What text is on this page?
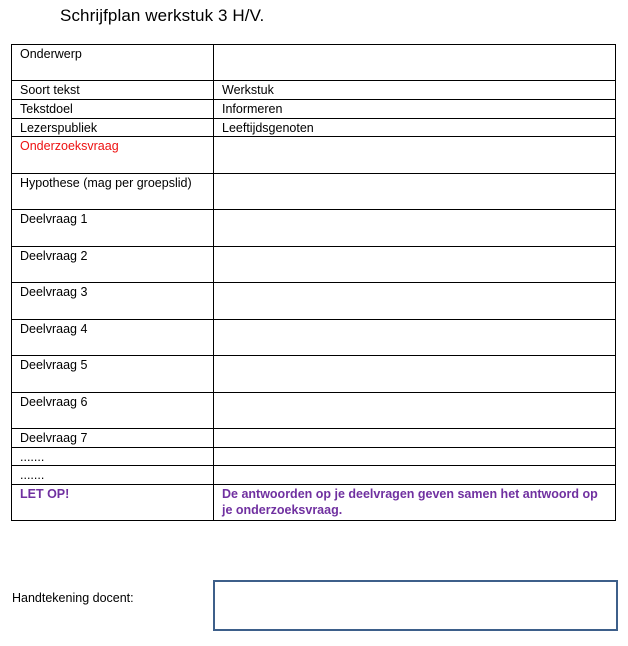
Schrijfplan werkstuk 3 H/V.
Onderwerp	
Soort tekst	Werkstuk
Tekstdoel	Informeren
Lezerspubliek	Leeftijdsgenoten
Onderzoeksvraag	
Hypothese (mag per groepslid)	
Deelvraag 1	
Deelvraag 2	
Deelvraag 3	
Deelvraag 4	
Deelvraag 5	
Deelvraag 6	
Deelvraag 7	
.......	
.......	
LET OP!	De antwoorden op je deelvragen geven samen het antwoord op je onderzoeksvraag.
Handtekening docent:
